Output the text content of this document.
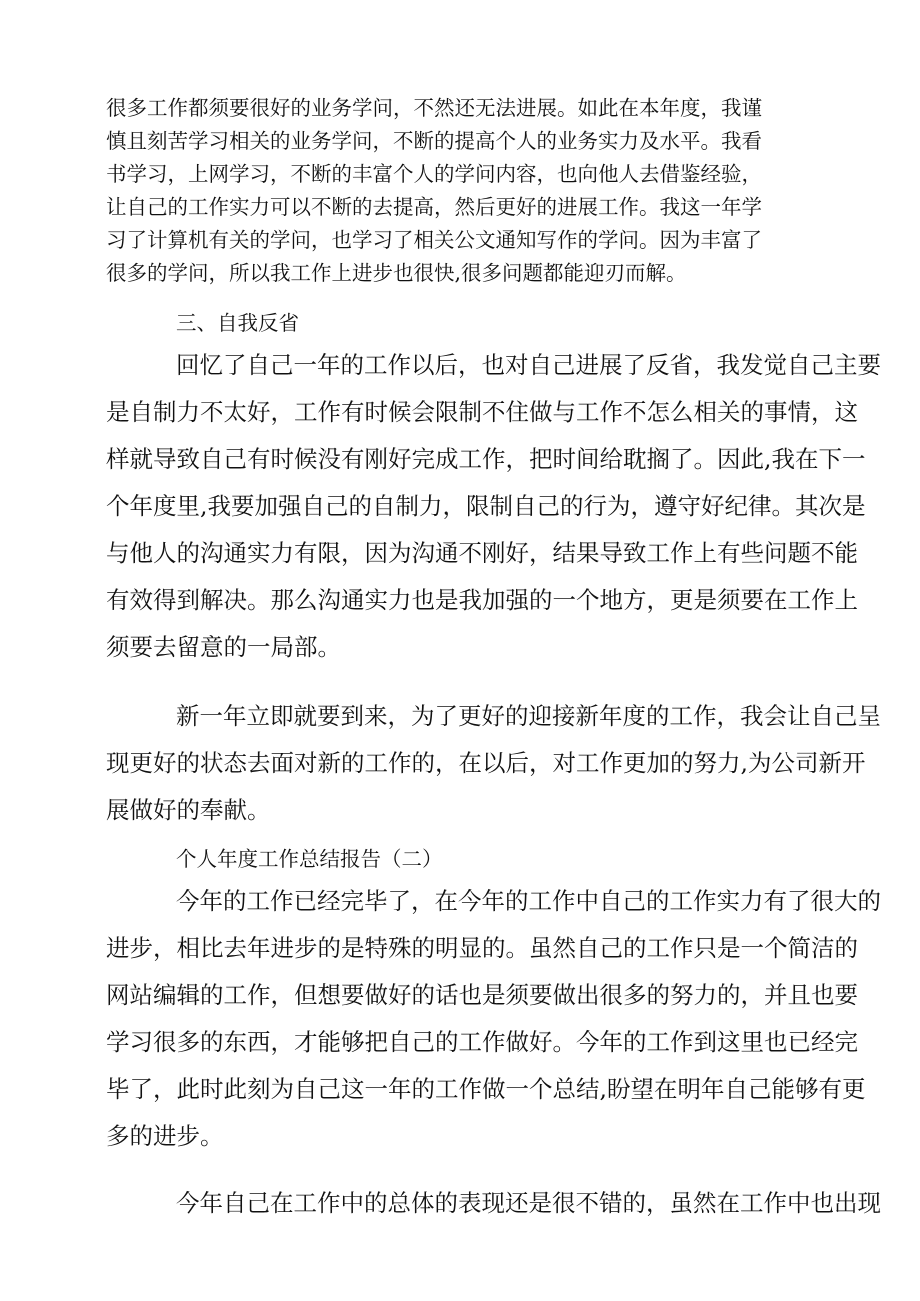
很多工作都须要很好的业务学问，不然还无法进展。如此在本年度，我谨
慎且刻苦学习相关的业务学问，不断的提高个人的业务实力及水平。我看
书学习，上网学习，不断的丰富个人的学问内容，也向他人去借鉴经验，
让自己的工作实力可以不断的去提高，然后更好的进展工作。我这一年学
习了计算机有关的学问，也学习了相关公文通知写作的学问。因为丰富了
很多的学问，所以我工作上进步也很快,很多问题都能迎刃而解。
三、自我反省
回忆了自己一年的工作以后，也对自己进展了反省，我发觉自己主要
是自制力不太好，工作有时候会限制不住做与工作不怎么相关的事情，这
样就导致自己有时候没有刚好完成工作，把时间给耽搁了。因此,我在下一
个年度里,我要加强自己的自制力，限制自己的行为，遵守好纪律。其次是
与他人的沟通实力有限，因为沟通不刚好，结果导致工作上有些问题不能
有效得到解决。那么沟通实力也是我加强的一个地方，更是须要在工作上
须要去留意的一局部。
新一年立即就要到来，为了更好的迎接新年度的工作，我会让自己呈
现更好的状态去面对新的工作的，在以后，对工作更加的努力,为公司新开
展做好的奉献。
个人年度工作总结报告（二）
今年的工作已经完毕了，在今年的工作中自己的工作实力有了很大的
进步，相比去年进步的是特殊的明显的。虽然自己的工作只是一个简洁的
网站编辑的工作，但想要做好的话也是须要做出很多的努力的，并且也要
学习很多的东西，才能够把自己的工作做好。今年的工作到这里也已经完
毕了，此时此刻为自己这一年的工作做一个总结,盼望在明年自己能够有更
多的进步。
今年自己在工作中的总体的表现还是很不错的，虽然在工作中也出现
